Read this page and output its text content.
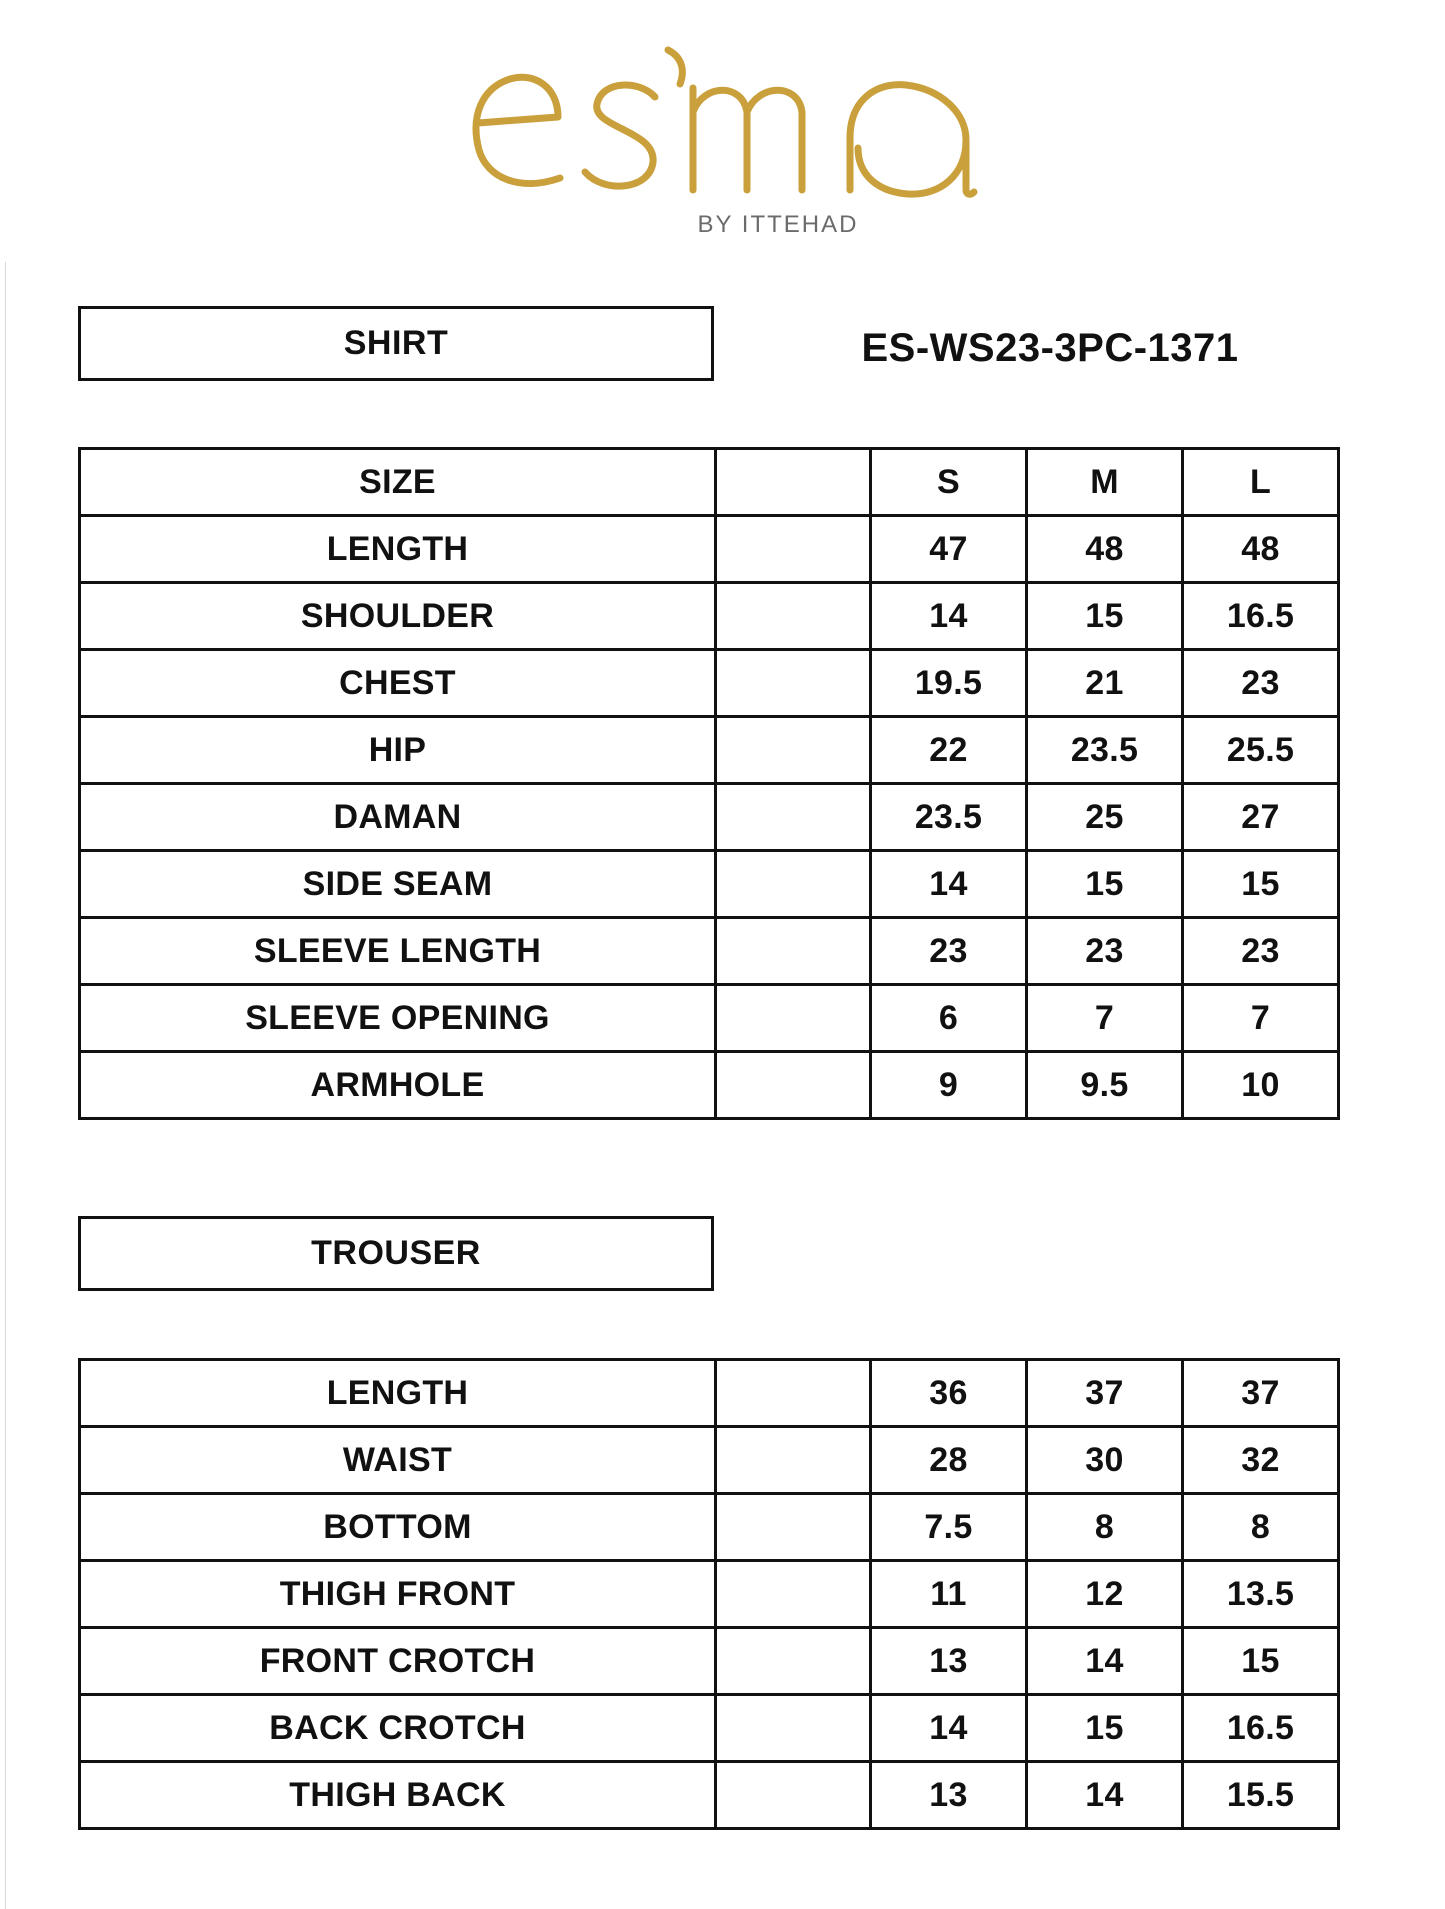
BY ITTEHAD
SHIRT	ES-WS23-3PC-1371
SIZE		S	M	L
LENGTH		47	48	48
SHOULDER		14	15	16.5
CHEST		19.5	21	23
HIP		22	23.5	25.5
DAMAN		23.5	25	27
SIDE SEAM		14	15	15
SLEEVE LENGTH		23	23	23
SLEEVE OPENING		6	7	7
ARMHOLE		9	9.5	10
TROUSER
LENGTH		36	37	37
WAIST		28	30	32
BOTTOM		7.5	8	8
THIGH FRONT		11	12	13.5
FRONT CROTCH		13	14	15
BACK CROTCH		14	15	16.5
THIGH BACK		13	14	15.5
